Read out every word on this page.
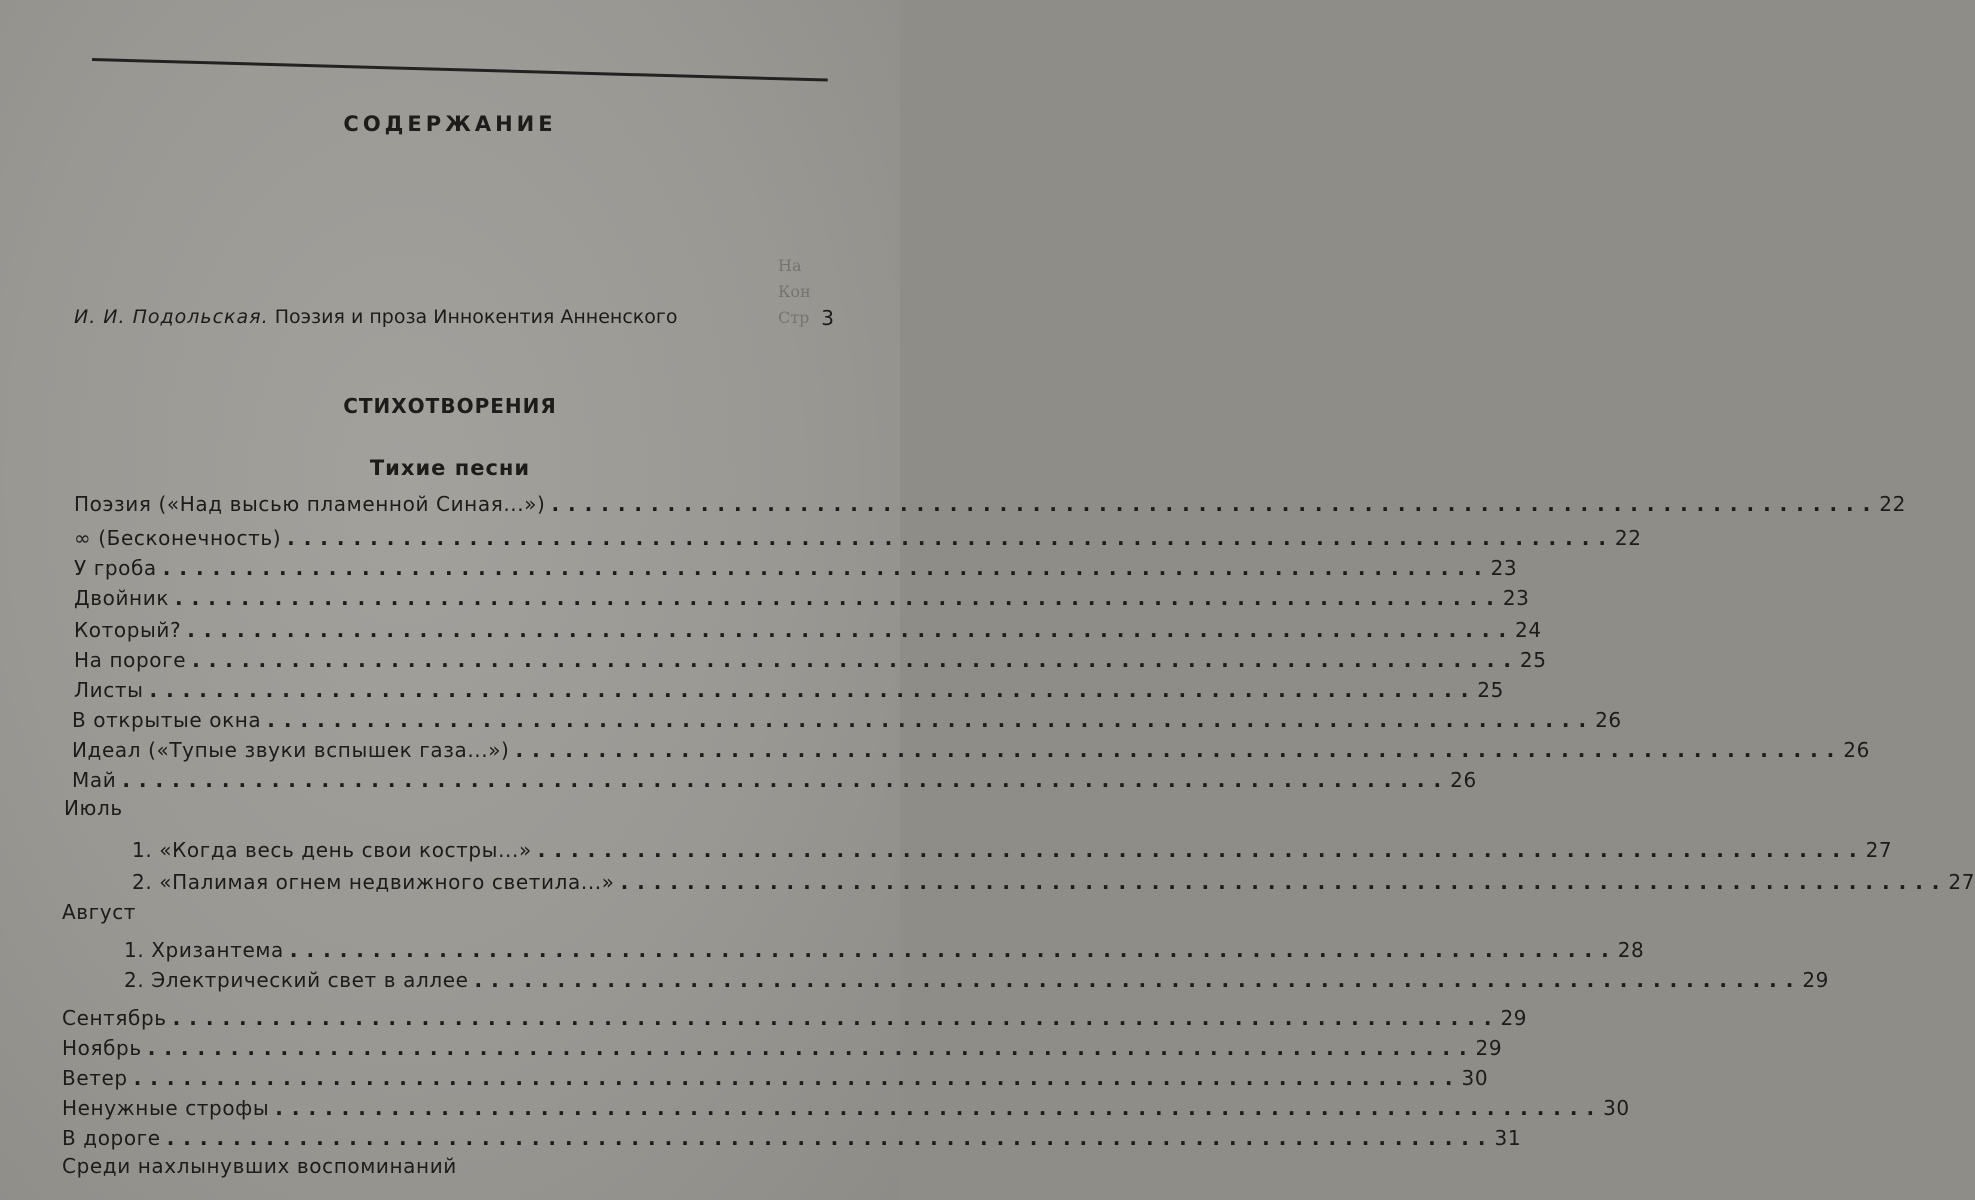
СОДЕРЖАНИЕ
Ha
Кон
Стр
И. И. Подольская. Поэзия и проза Иннокентия Анненского	3
СТИХОТВОРЕНИЯ
Тихие песни
Поэзия («Над высью пламенной Синая...») ................................................................................ 22
∞ (Бесконечность) ................................................................................ 22
У гроба ................................................................................ 23
Двойник ................................................................................ 23
Который? ................................................................................ 24
На пороге ................................................................................ 25
Листы ................................................................................ 25
В открытые окна ................................................................................ 26
Идеал («Тупые звуки вспышек газа...») ................................................................................ 26
Май ................................................................................ 26
Июль
1. «Когда весь день свои костры...» ................................................................................ 27
2. «Палимая огнем недвижного светила...» ................................................................................ 27
Август
1. Хризантема ................................................................................ 28
2. Электрический свет в аллее ................................................................................ 29
Сентябрь ................................................................................ 29
Ноябрь ................................................................................ 29
Ветер ................................................................................ 30
Ненужные строфы ................................................................................ 30
В дороге ................................................................................ 31
Среди нахлынувших воспоминаний
